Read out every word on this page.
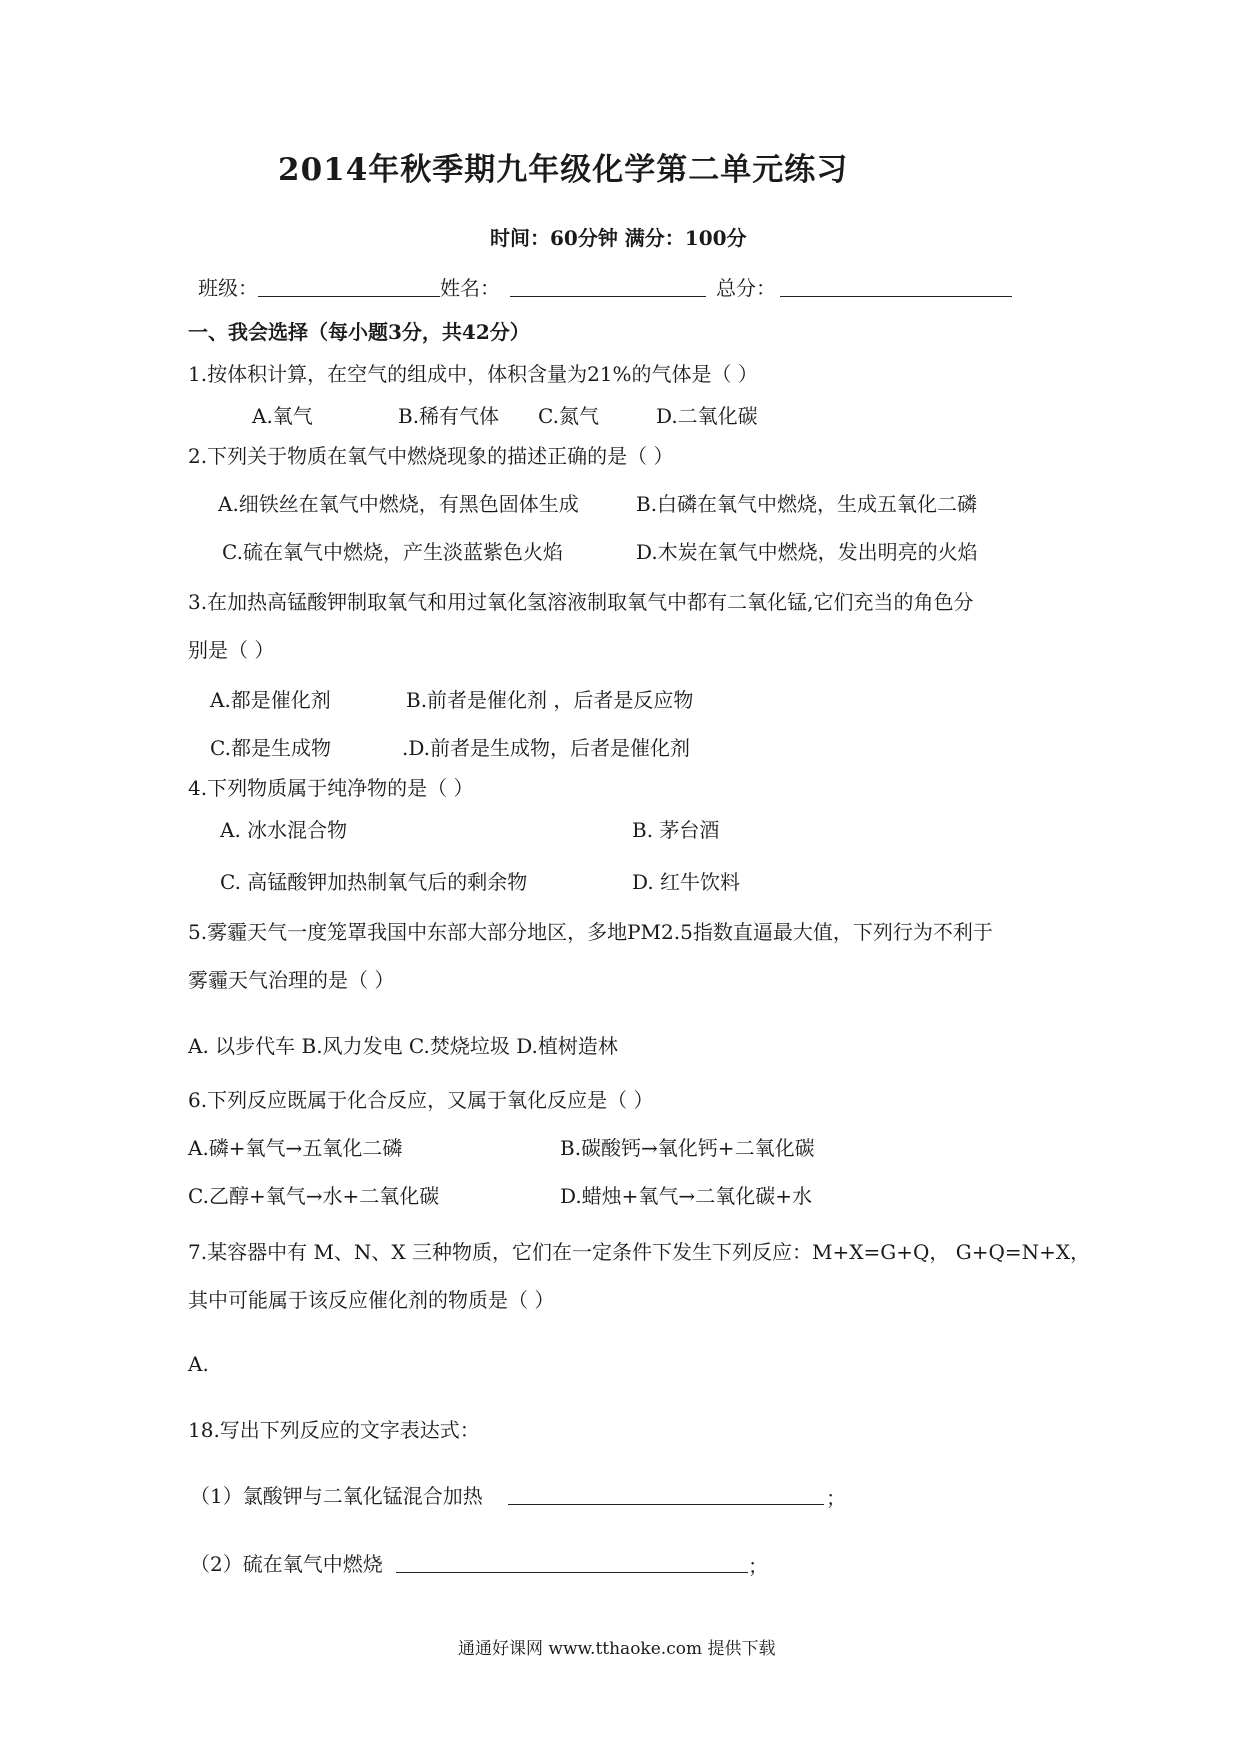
2014年秋季期九年级化学第二单元练习
时间：60分钟 满分：100分
班级：	姓名：	总分：
一、我会选择（每小题3分，共42分）
1.按体积计算，在空气的组成中，体积含量为21%的气体是（ ）
A.氧气	B.稀有气体 C.氮气	D.二氧化碳
2.下列关于物质在氧气中燃烧现象的描述正确的是（ ）
A.细铁丝在氧气中燃烧，有黑色固体生成	B.白磷在氧气中燃烧，生成五氧化二磷
C.硫在氧气中燃烧，产生淡蓝紫色火焰	D.木炭在氧气中燃烧，发出明亮的火焰
3.在加热高锰酸钾制取氧气和用过氧化氢溶液制取氧气中都有二氧化锰,它们充当的角色分
别是（ ）
A.都是催化剂	B.前者是催化剂 ，后者是反应物
C.都是生成物	.D.前者是生成物，后者是催化剂
4.下列物质属于纯净物的是（ ）
A. 冰水混合物	B. 茅台酒
C. 高锰酸钾加热制氧气后的剩余物	D. 红牛饮料
5.雾霾天气一度笼罩我国中东部大部分地区，多地PM2.5指数直逼最大值，下列行为不利于
雾霾天气治理的是（ ）
A. 以步代车 B.风力发电 C.焚烧垃圾 D.植树造林
6.下列反应既属于化合反应，又属于氧化反应是（ ）
A.磷+氧气→五氧化二磷	B.碳酸钙→氧化钙+二氧化碳
C.乙醇+氧气→水+二氧化碳	D.蜡烛+氧气→二氧化碳+水
7.某容器中有 M、N、X 三种物质，它们在一定条件下发生下列反应：M+X=G+Q， G+Q=N+X，
其中可能属于该反应催化剂的物质是（ ）
A.
18.写出下列反应的文字表达式：
（1）氯酸钾与二氧化锰混合加热	；
（2）硫在氧气中燃烧	；
通通好课网 www.tthaoke.com 提供下载
